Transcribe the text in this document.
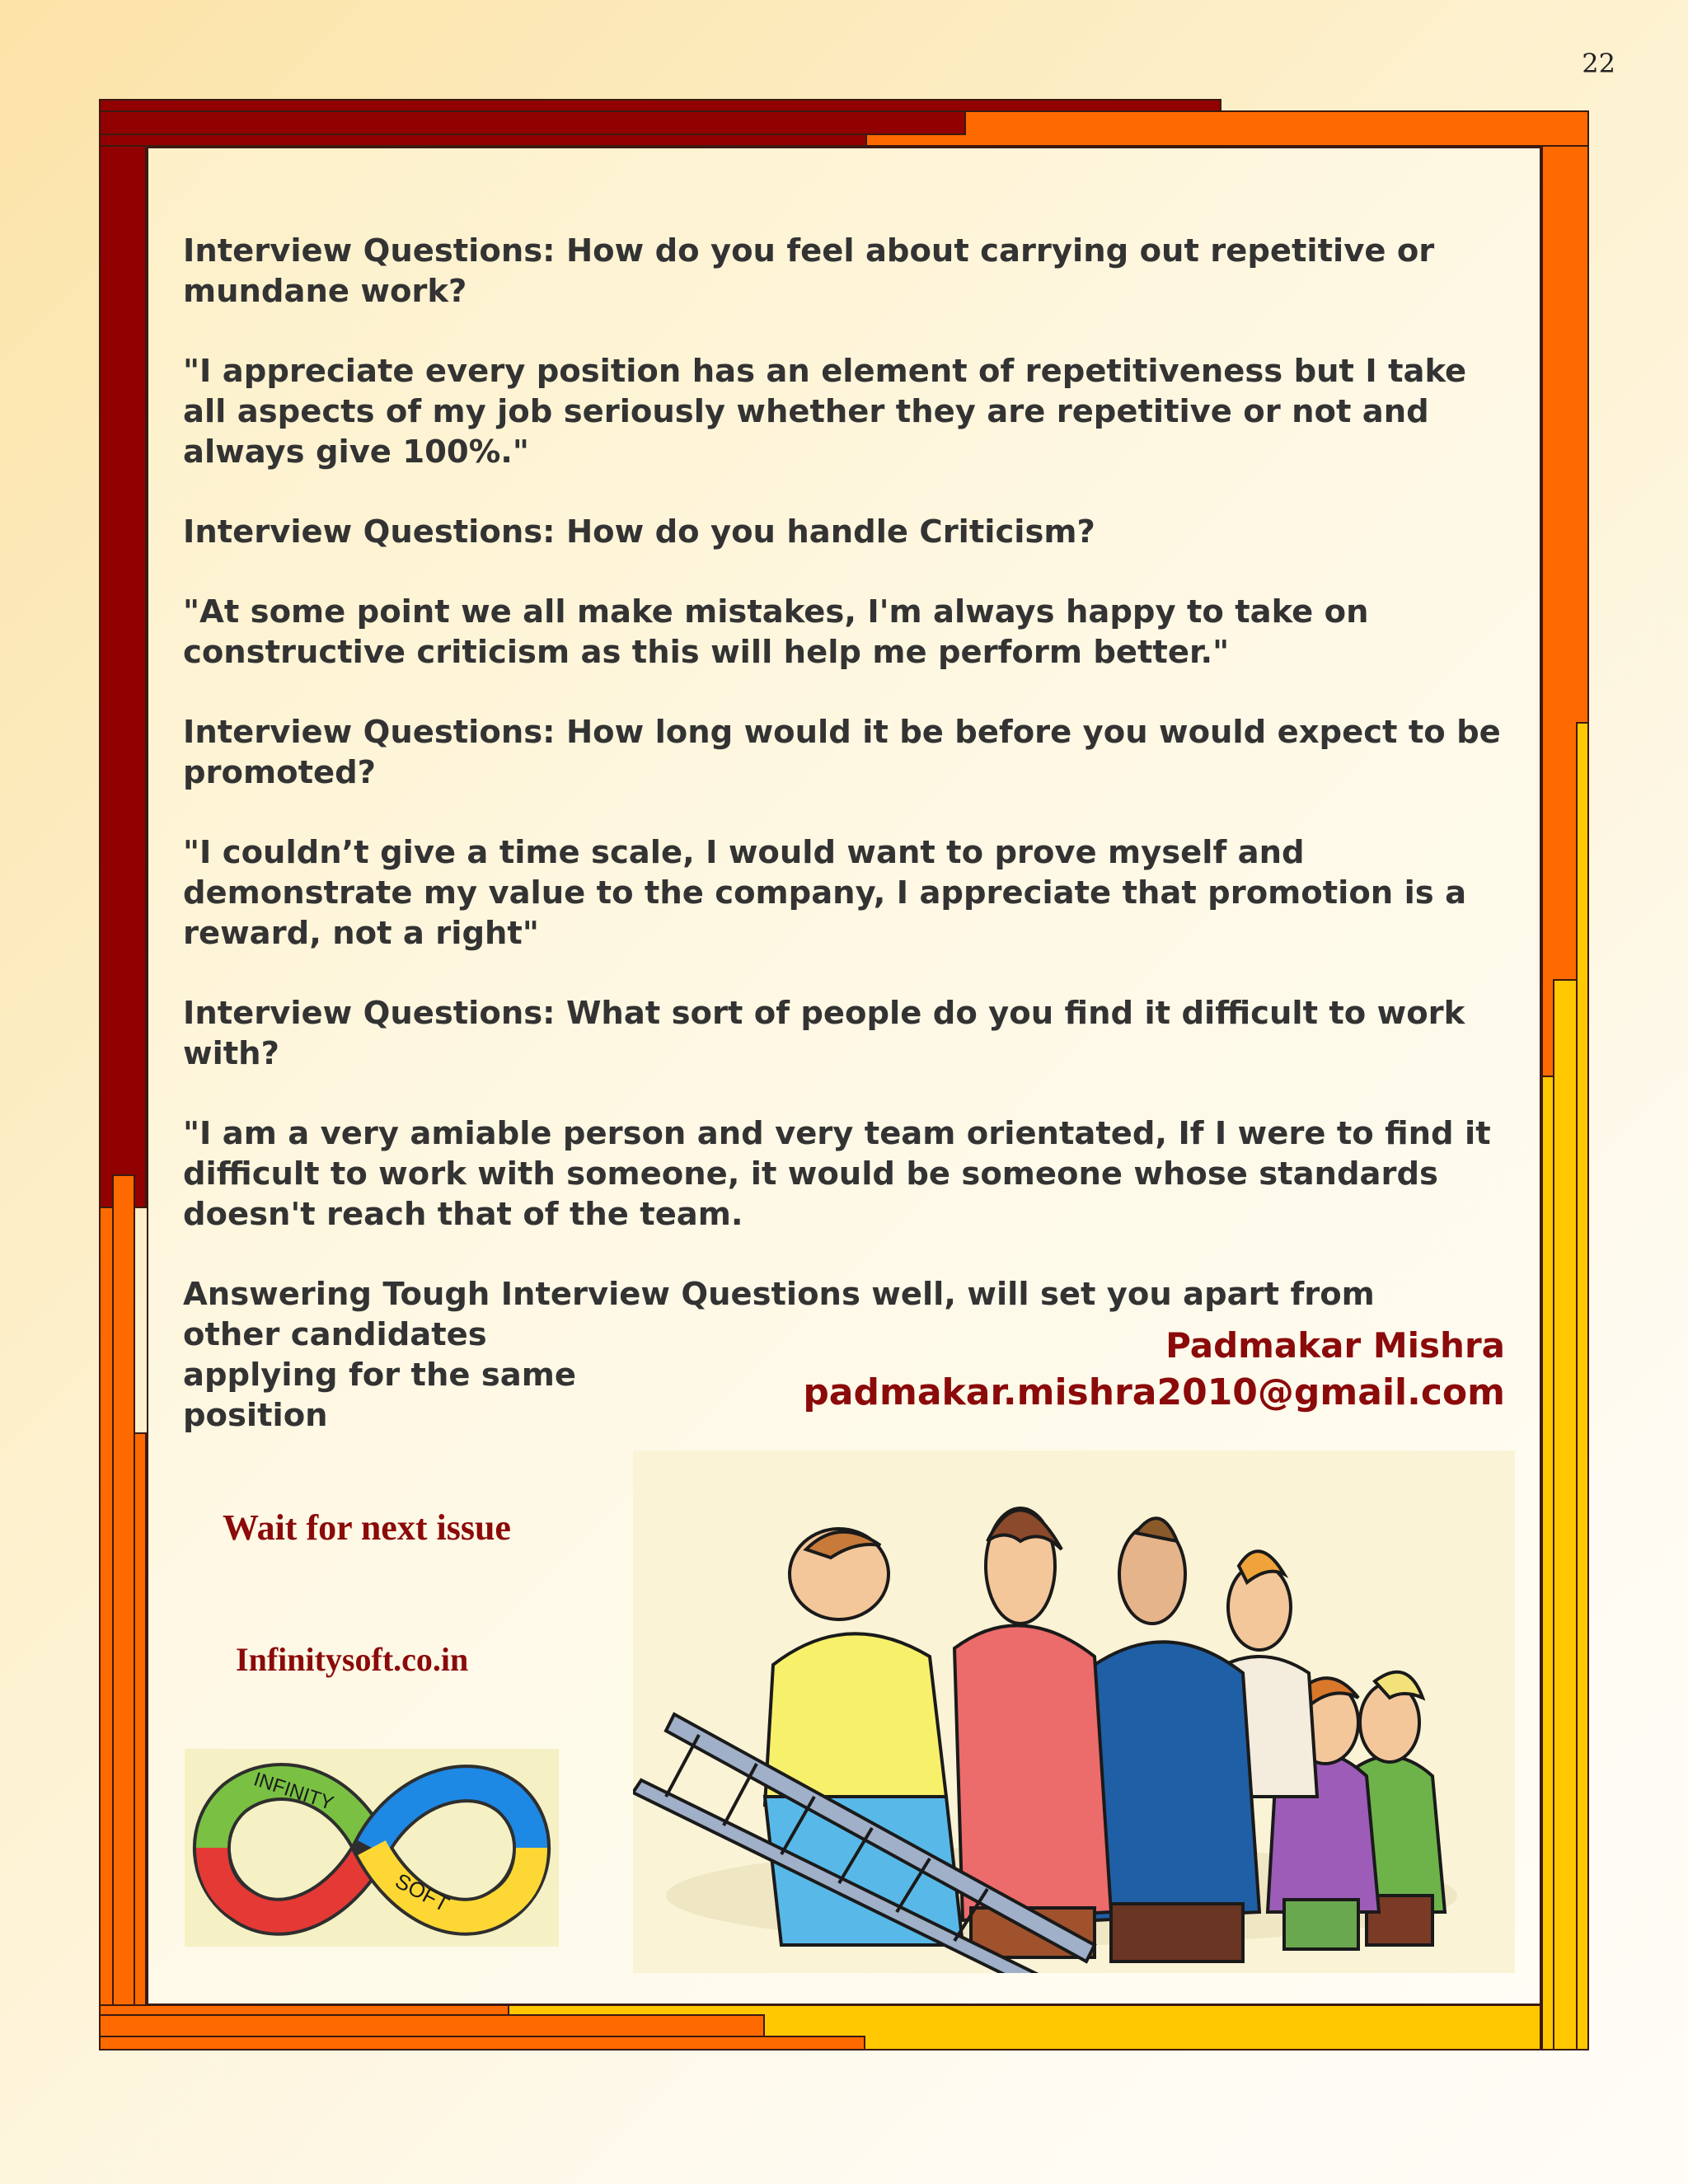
22

Interview Questions: How do you feel about carrying out repetitive or mundane work?

"I appreciate every position has an element of repetitiveness but I take all aspects of my job seriously whether they are repetitive or not and always give 100%."

Interview Questions: How do you handle Criticism?

"At some point we all make mistakes, I'm always happy to take on constructive criticism as this will help me perform better."

Interview Questions: How long would it be before you would expect to be promoted?

"I couldn’t give a time scale, I would want to prove myself and demonstrate my value to the company, I appreciate that promotion is a reward, not a right"

Interview Questions: What sort of people do you find it difficult to work with?

"I am a very amiable person and very team orientated, If I were to find it difficult to work with someone, it would be someone whose standards doesn't reach that of the team.

Answering Tough Interview Questions well, will set you apart from
other candidates applying for the same position
Padmakar Mishra
padmakar.mishra2010@gmail.com
Wait for next issue
Infinitysoft.co.in
INFINITY
SOFT
